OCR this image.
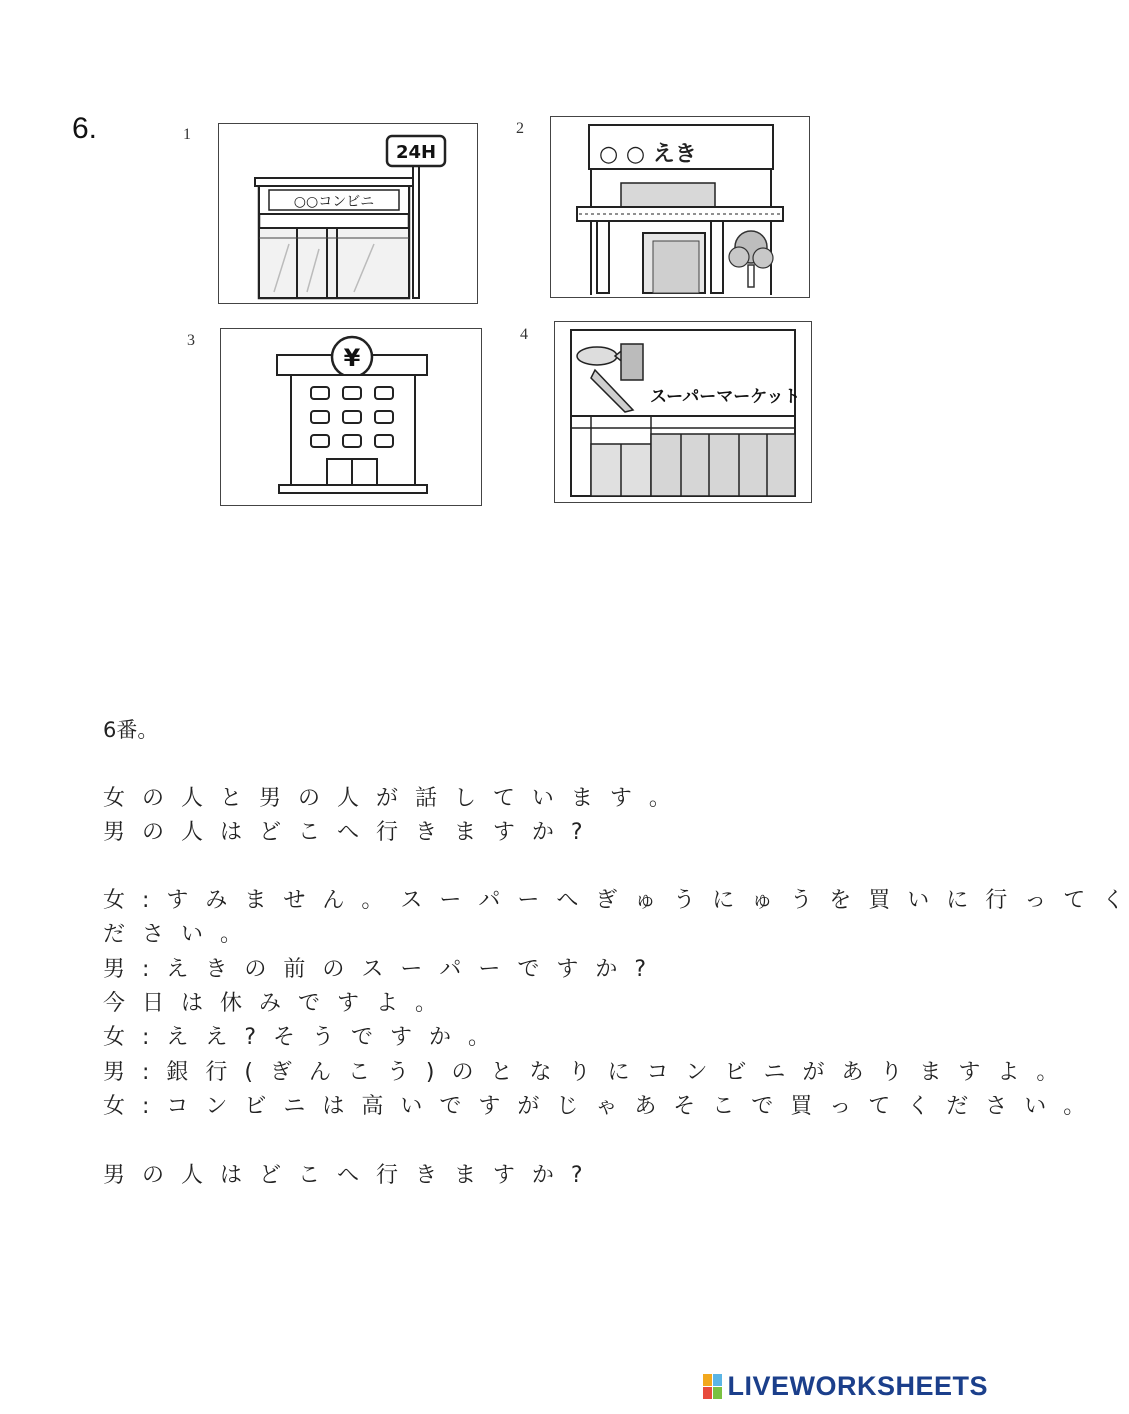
6.	1
○○コンビニ
24H
2
○ ○ えき
3
¥
4
スーパーマーケット
6番。
女 の 人 と 男 の 人 が 話 し て い ま す 。
男 の 人 は ど こ へ 行 き ま す か ?
女 : す み ま せ ん 。 ス ー パ ー へ ぎ ゅ う に ゅ う を 買 い に 行 っ て く
だ さ い 。
男 : え き の 前 の ス ー パ ー で す か ?
今 日 は 休 み で す よ 。
女 : え え ? そ う で す か 。
男 : 銀 行 ( ぎ ん こ う ) の と な り に コ ン ビ ニ が あ り ま す よ 。
女 : コ ン ビ ニ は 高 い で す が じ ゃ あ そ こ で 買 っ て く だ さ い 。
男 の 人 は ど こ へ 行 き ま す か ?
LIVEWORKSHEETS
